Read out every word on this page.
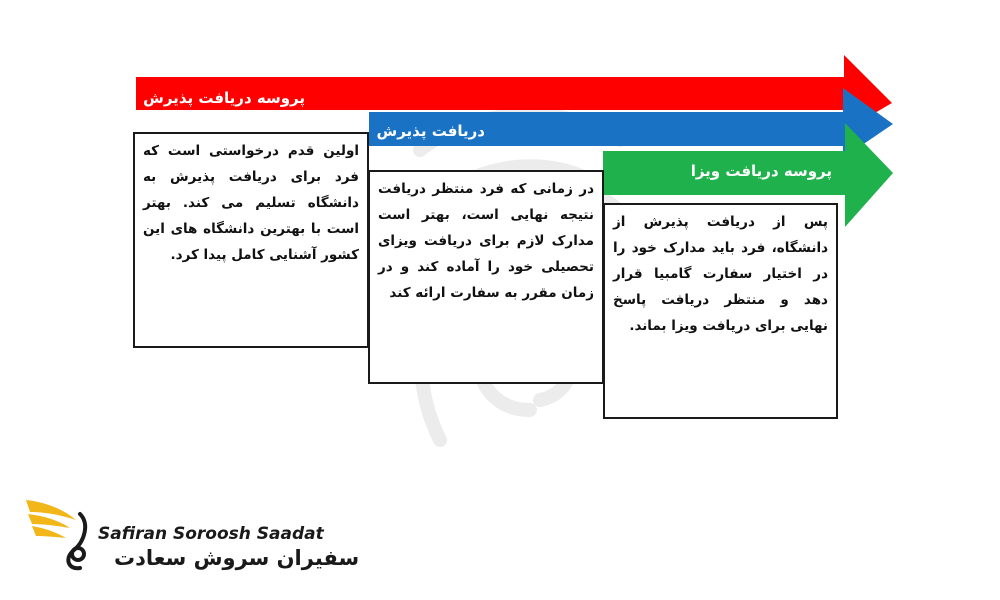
پروسه دریافت پذیرش
دریافت پذیرش
پروسه دریافت ویزا
اولین قدم درخواستی است که فرد برای دریافت پذیرش به دانشگاه تسلیم می کند. بهتر است با بهترین دانشگاه های این کشور آشنایی کامل پیدا کرد.
در زمانی که فرد منتظر دریافت نتیجه نهایی است، بهتر است مدارک لازم برای دریافت ویزای تحصیلی خود را آماده کند و در زمان مقرر به سفارت ارائه کند
پس از دریافت پذیرش از دانشگاه، فرد باید مدارک خود را در اختیار سفارت گامبیا قرار دهد و منتظر دریافت پاسخ نهایی برای دریافت ویزا بماند.
Safiran Soroosh Saadat
سفیران سروش سعادت
